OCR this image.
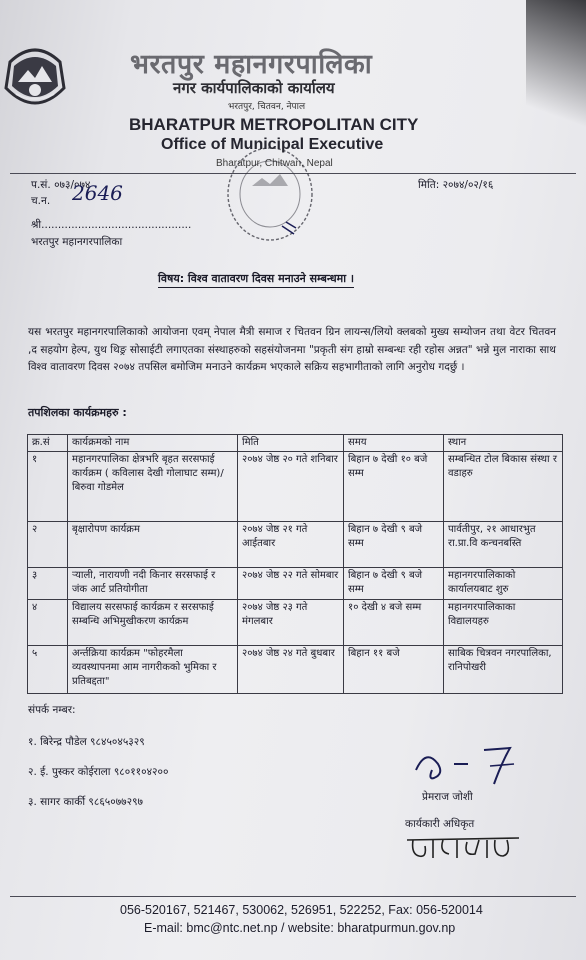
भरतपुर महानगरपालिका
नगर कार्यपालिकाको कार्यालय
भरतपुर, चितवन, नेपाल
BHARATPUR METROPOLITAN CITY
Office of Municipal Executive
Bharatpur, Chitwan, Nepal
प.सं. ०७३/०७४
च.न. 2646	मिति: २०७४/०२/१६
श्री.............................................
भरतपुर महानगरपालिका
विषय: विश्व वातावरण दिवस मनाउने सम्बन्धमा ।
यस भरतपुर महानगरपालिकाको आयोजना एवम् नेपाल मैत्री समाज र चितवन ग्रिन लायन्स/लियो क्लबको मुख्य सम्योजन तथा वेटर चितवन ,द सहयोग हेल्प, युथ थिङ्र सोसाईटी लगाएतका संस्थाहरुको सहसंयोजनमा "प्रकृती संग हाम्रो सम्बन्धः रही रहोस अन्नत" भन्ने मुल नाराका साथ विश्व वातावरण दिवस २०७४ तपसिल बमोजिम मनाउने कार्यक्रम भएकाले सक्रिय सहभागीताको लागि अनुरोध गदर्छु ।
तपशिलका कार्यक्रमहरु :
क्र.सं	कार्यक्रमको नाम	मिति	समय	स्थान
१	महानगरपालिका क्षेत्रभरि बृहत सरसफाई कार्यक्रम ( कविलास देखी गोलाघाट सम्म)/ बिरुवा गोडमेल	२०७४ जेष्ठ २० गते शनिबार	बिहान ७ देखी १० बजे सम्म	सम्बन्धित टोल बिकास संस्था र वडाहरु
२	बृक्षारोपण कार्यक्रम	२०७४ जेष्ठ २१ गते आईतबार	बिहान ७ देखी ९ बजे सम्म	पार्वतीपुर, २१ आधारभुत रा.प्रा.वि कन्चनबस्ति
३	र्‍याली, नारायणी नदी किनार सरसफाई र जंक आर्ट प्रतियोगीता	२०७४ जेष्ठ २२ गते सोमबार	बिहान ७ देखी ९ बजे सम्म	महानगरपालिकाको कार्यालयबाट शुरु
४	विद्यालय सरसफाई कार्यक्रम र सरसफाई सम्बन्धि अभिमुखीकरण कार्यक्रम	२०७४ जेष्ठ २३ गते मंगलबार	१० देखी ४ बजे सम्म	महानगरपालिकाका विद्यालयहरु
५	अर्न्तक्रिया कार्यक्रम "फोहरमैला व्यवस्थापनमा आम नागरीकको भुमिका र प्रतिबद्दता"	२०७४ जेष्ठ २४ गते बुधबार	बिहान ११ बजे	साबिक चित्रवन नगरपालिका, रानिपोखरी
संपर्क नम्बर:
१. बिरेन्द्र पौडेल ९८४५०४५३२९
२. ई. पुस्कर कोईराला ९८०११०४२००
३. सागर कार्की ९८६५०७७२९७	प्रेमराज जोशी
कार्यकारी अधिकृत
056-520167, 521467, 530062, 526951, 522252, Fax: 056-520014
E-mail: bmc@ntc.net.np / website: bharatpurmun.gov.np
